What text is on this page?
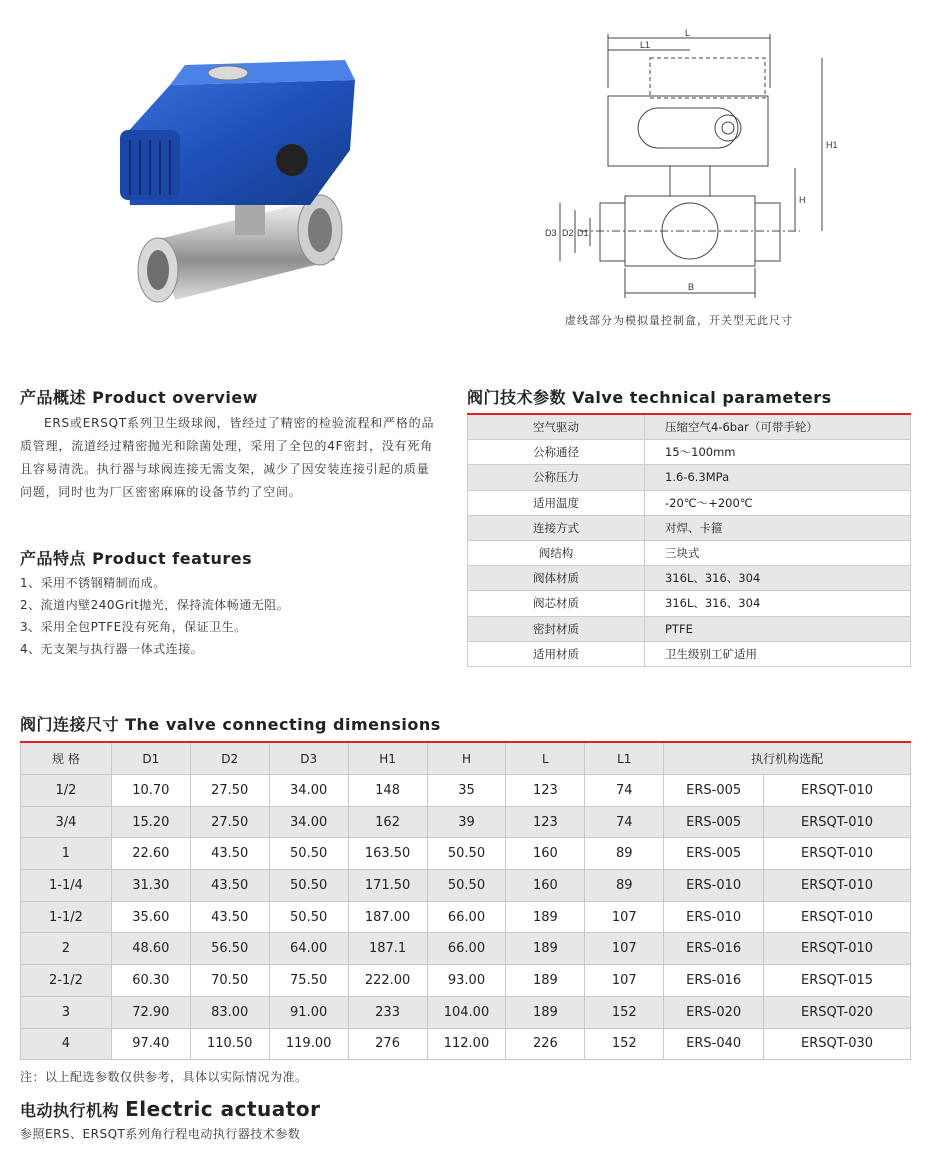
L
L1
H1
H
D3 D2 D1
B
虚线部分为模拟量控制盒，开关型无此尺寸
产品概述 Product overview
ERS或ERSQT系列卫生级球阀，皆经过了精密的检验流程和严格的品质管理，流道经过精密抛光和除菌处理，采用了全包的4F密封，没有死角且容易清洗。执行器与球阀连接无需支架，减少了因安装连接引起的质量问题，同时也为厂区密密麻麻的设备节约了空间。
产品特点 Product features
1、采用不锈钢精制而成。
2、流道内壁240Grit抛光，保持流体畅通无阻。
3、采用全包PTFE没有死角，保证卫生。
4、无支架与执行器一体式连接。
阀门技术参数 Valve technical parameters
空气驱动	压缩空气4-6bar（可带手轮）
公称通径	15～100mm
公称压力	1.6-6.3MPa
适用温度	-20℃～+200℃
连接方式	对焊、卡箍
阀结构	三块式
阀体材质	316L、316、304
阀芯材质	316L、316、304
密封材质	PTFE
适用材质	卫生级别工矿适用
阀门连接尺寸 The valve connecting dimensions
规 格	D1	D2	D3	H1	H	L	L1	执行机构选配	
1/2	10.70	27.50	34.00	148	35	123	74	ERS-005	ERSQT-010
3/4	15.20	27.50	34.00	162	39	123	74	ERS-005	ERSQT-010
1	22.60	43.50	50.50	163.50	50.50	160	89	ERS-005	ERSQT-010
1-1/4	31.30	43.50	50.50	171.50	50.50	160	89	ERS-010	ERSQT-010
1-1/2	35.60	43.50	50.50	187.00	66.00	189	107	ERS-010	ERSQT-010
2	48.60	56.50	64.00	187.1	66.00	189	107	ERS-016	ERSQT-010
2-1/2	60.30	70.50	75.50	222.00	93.00	189	107	ERS-016	ERSQT-015
3	72.90	83.00	91.00	233	104.00	189	152	ERS-020	ERSQT-020
4	97.40	110.50	119.00	276	112.00	226	152	ERS-040	ERSQT-030
注：以上配选参数仅供参考，具体以实际情况为准。
电动执行机构 Electric actuator
参照ERS、ERSQT系列角行程电动执行器技术参数
